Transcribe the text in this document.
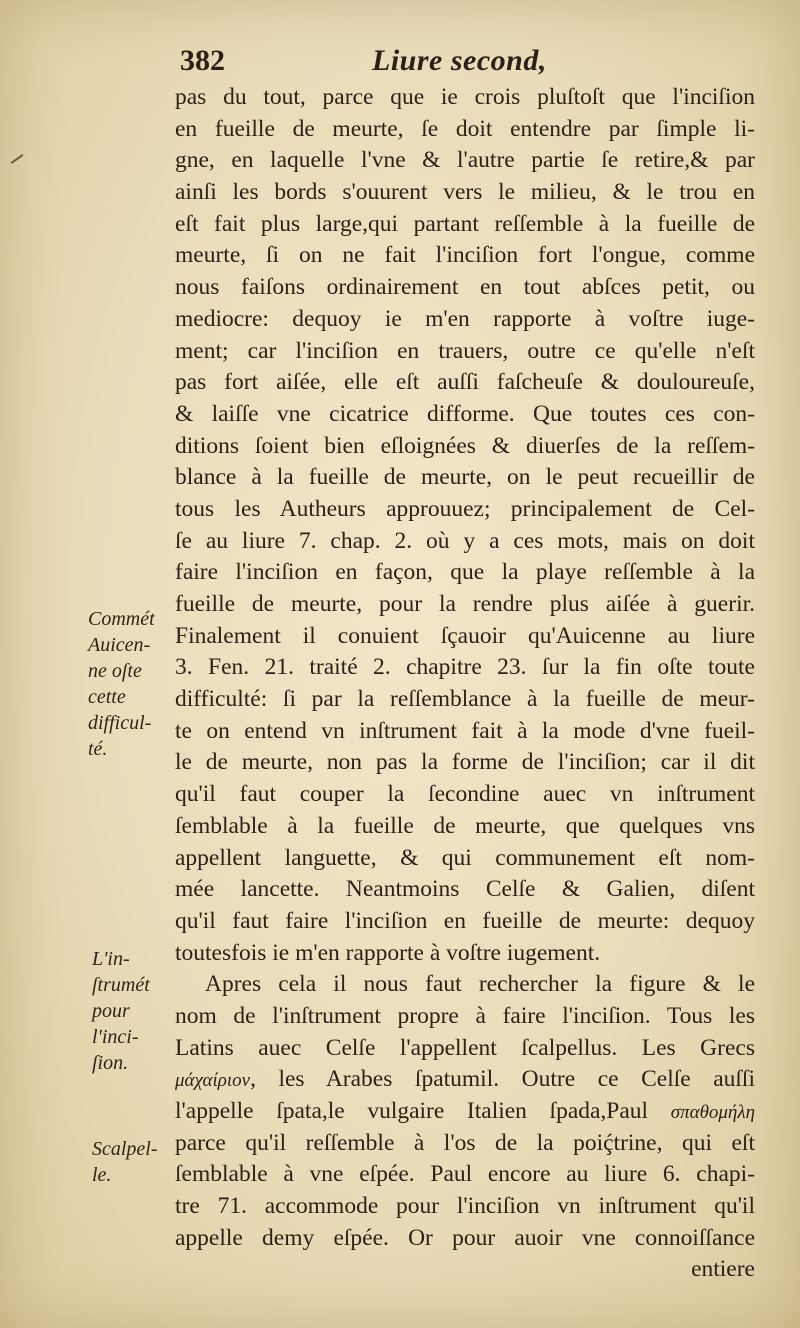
382	Liure second,
pas du tout, parce que ie crois pluſtoſt que l'inciſion
en fueille de meurte, ſe doit entendre par ſimple li-
gne, en laquelle l'vne & l'autre partie ſe retire,& par
ainſi les bords s'ouurent vers le milieu, & le trou en
eſt fait plus large,qui partant reſſemble à la fueille de
meurte, ſi on ne fait l'inciſion fort l'ongue, comme
nous faiſons ordinairement en tout abſces petit, ou
mediocre: dequoy ie m'en rapporte à voſtre iuge-
ment; car l'inciſion en trauers, outre ce qu'elle n'eſt
pas fort aiſée, elle eſt auſſi faſcheuſe & douloureuſe,
& laiſſe vne cicatrice difforme. Que toutes ces con-
ditions ſoient bien eſloignées & diuerſes de la reſſem-
blance à la fueille de meurte, on le peut recueillir de
tous les Autheurs approuuez; principalement de Cel-
ſe au liure 7. chap. 2. où y a ces mots, mais on doit
faire l'inciſion en façon, que la playe reſſemble à la
fueille de meurte, pour la rendre plus aiſée à guerir.
Finalement il conuient ſçauoir qu'Auicenne au liure
3. Fen. 21. traité 2. chapitre 23. ſur la fin oſte toute
difficulté: ſi par la reſſemblance à la fueille de meur-
te on entend vn inſtrument fait à la mode d'vne fueil-
le de meurte, non pas la forme de l'inciſion; car il dit
qu'il faut couper la ſecondine auec vn inſtrument
ſemblable à la fueille de meurte, que quelques vns
appellent languette, & qui communement eſt nom-
mée lancette. Neantmoins Celſe & Galien, diſent
qu'il faut faire l'inciſion en fueille de meurte: dequoy
toutesfois ie m'en rapporte à voſtre iugement.
Apres cela il nous faut rechercher la figure & le
nom de l'inſtrument propre à faire l'inciſion. Tous les
Latins auec Celſe l'appellent ſcalpellus. Les Grecs
μάχαίριον, les Arabes ſpatumil. Outre ce Celſe auſſi
l'appelle ſpata,le vulgaire Italien ſpada,Paul σπαθομήλη
parce qu'il reſſemble à l'os de la poiḉtrine, qui eſt
ſemblable à vne eſpée. Paul encore au liure 6. chapi-
tre 71. accommode pour l'inciſion vn inſtrument qu'il
appelle demy eſpée. Or pour auoir vne connoiſſance
entiere
Commét
Auicen-
ne oſte
cette
difficul-
té.
L'in-
ſtrumét
pour
l'inci-
ſion.
Scalpel-
le.
